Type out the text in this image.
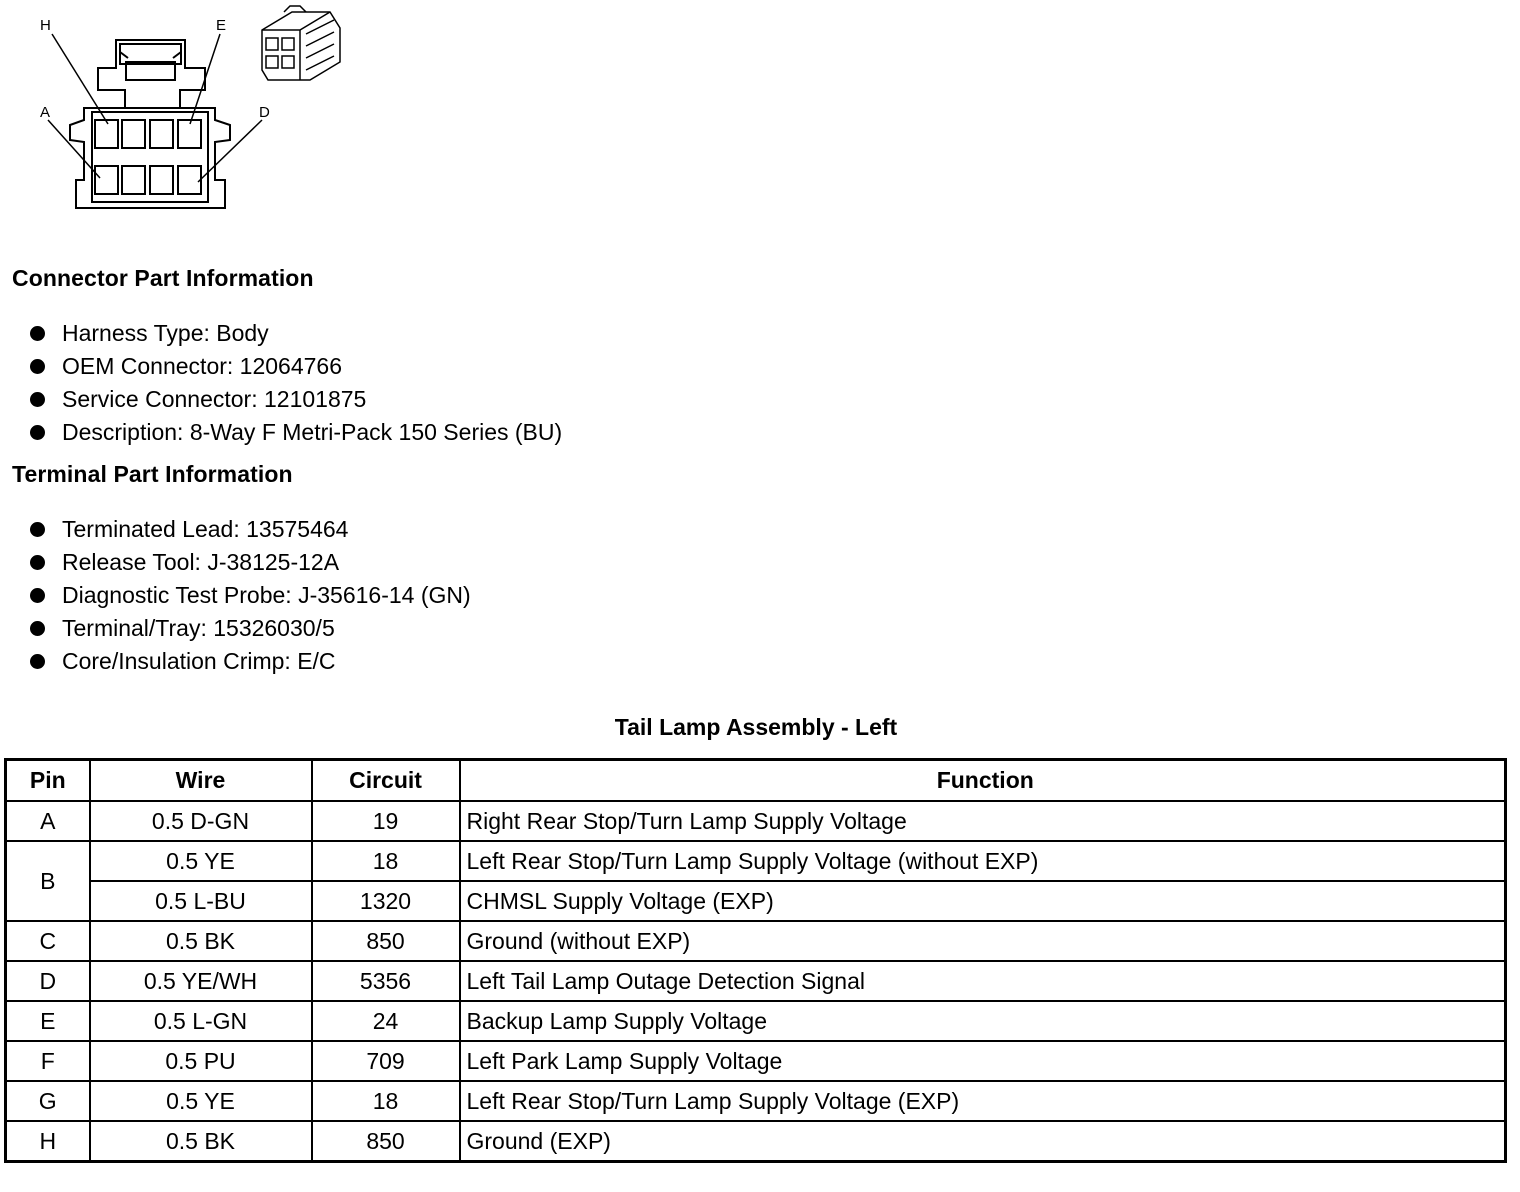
H	E
A	D
Connector Part Information
Harness Type: Body
OEM Connector: 12064766
Service Connector: 12101875
Description: 8-Way F Metri-Pack 150 Series (BU)
Terminal Part Information
Terminated Lead: 13575464
Release Tool: J-38125-12A
Diagnostic Test Probe: J-35616-14 (GN)
Terminal/Tray: 15326030/5
Core/Insulation Crimp: E/C
Tail Lamp Assembly - Left
Pin	Wire	Circuit	Function
A	0.5 D-GN	19	Right Rear Stop/Turn Lamp Supply Voltage
B	0.5 YE	18	Left Rear Stop/Turn Lamp Supply Voltage (without EXP)
	0.5 L-BU	1320	CHMSL Supply Voltage (EXP)
C	0.5 BK	850	Ground (without EXP)
D	0.5 YE/WH	5356	Left Tail Lamp Outage Detection Signal
E	0.5 L-GN	24	Backup Lamp Supply Voltage
F	0.5 PU	709	Left Park Lamp Supply Voltage
G	0.5 YE	18	Left Rear Stop/Turn Lamp Supply Voltage (EXP)
H	0.5 BK	850	Ground (EXP)
